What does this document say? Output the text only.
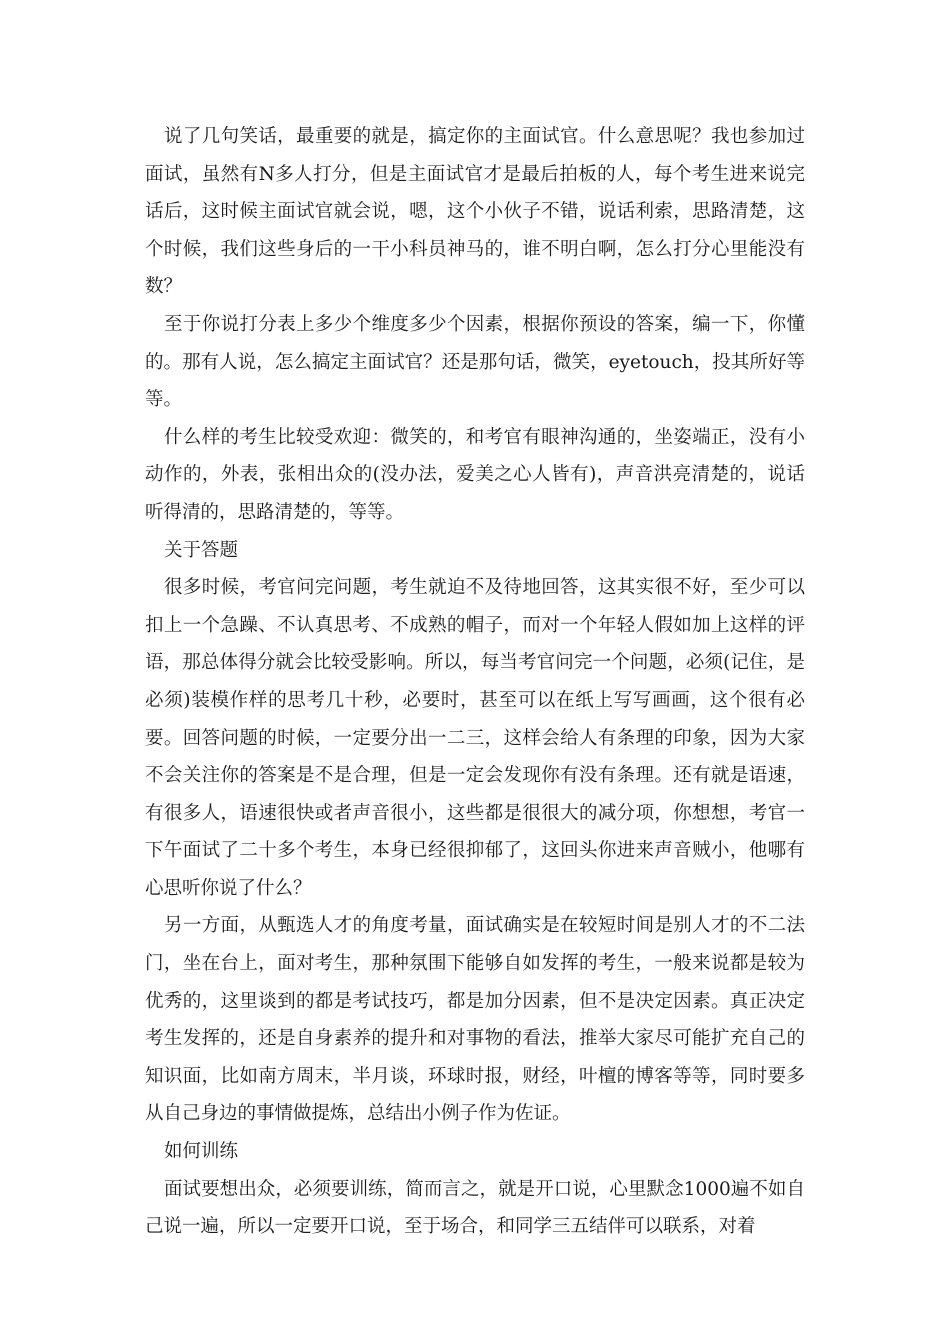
说了几句笑话，最重要的就是，搞定你的主面试官。什么意思呢？我也参加过面试，虽然有N多人打分，但是主面试官才是最后拍板的人，每个考生进来说完话后，这时候主面试官就会说，嗯，这个小伙子不错，说话利索，思路清楚，这个时候，我们这些身后的一干小科员神马的，谁不明白啊，怎么打分心里能没有数？

至于你说打分表上多少个维度多少个因素，根据你预设的答案，编一下，你懂的。那有人说，怎么搞定主面试官？还是那句话，微笑，eyetouch，投其所好等等。

什么样的考生比较受欢迎：微笑的，和考官有眼神沟通的，坐姿端正，没有小动作的，外表，张相出众的(没办法，爱美之心人皆有)，声音洪亮清楚的，说话听得清的，思路清楚的，等等。

关于答题

很多时候，考官问完问题，考生就迫不及待地回答，这其实很不好，至少可以扣上一个急躁、不认真思考、不成熟的帽子，而对一个年轻人假如加上这样的评语，那总体得分就会比较受影响。所以，每当考官问完一个问题，必须(记住，是必须)装模作样的思考几十秒，必要时，甚至可以在纸上写写画画，这个很有必要。回答问题的时候，一定要分出一二三，这样会给人有条理的印象，因为大家不会关注你的答案是不是合理，但是一定会发现你有没有条理。还有就是语速，有很多人，语速很快或者声音很小，这些都是很很大的减分项，你想想，考官一下午面试了二十多个考生，本身已经很抑郁了，这回头你进来声音贼小，他哪有心思听你说了什么？

另一方面，从甄选人才的角度考量，面试确实是在较短时间是别人才的不二法门，坐在台上，面对考生，那种氛围下能够自如发挥的考生，一般来说都是较为优秀的，这里谈到的都是考试技巧，都是加分因素，但不是决定因素。真正决定考生发挥的，还是自身素养的提升和对事物的看法，推举大家尽可能扩充自己的知识面，比如南方周末，半月谈，环球时报，财经，叶檀的博客等等，同时要多从自己身边的事情做提炼，总结出小例子作为佐证。

如何训练

面试要想出众，必须要训练，简而言之，就是开口说，心里默念1000遍不如自己说一遍，所以一定要开口说，至于场合，和同学三五结伴可以联系，对着
